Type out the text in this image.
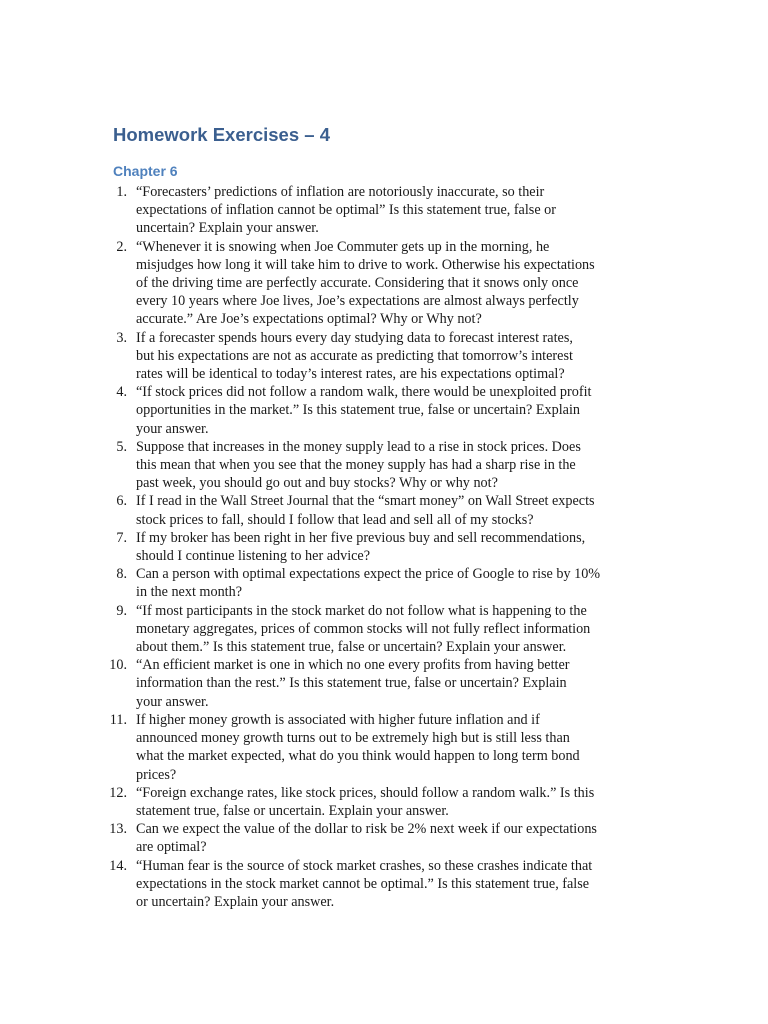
Homework Exercises – 4
Chapter 6
1. “Forecasters’ predictions of inflation are notoriously inaccurate, so their
expectations of inflation cannot be optimal” Is this statement true, false or
uncertain? Explain your answer.
2. “Whenever it is snowing when Joe Commuter gets up in the morning, he
misjudges how long it will take him to drive to work. Otherwise his expectations
of the driving time are perfectly accurate. Considering that it snows only once
every 10 years where Joe lives, Joe’s expectations are almost always perfectly
accurate.” Are Joe’s expectations optimal? Why or Why not?
3. If a forecaster spends hours every day studying data to forecast interest rates,
but his expectations are not as accurate as predicting that tomorrow’s interest
rates will be identical to today’s interest rates, are his expectations optimal?
4. “If stock prices did not follow a random walk, there would be unexploited profit
opportunities in the market.” Is this statement true, false or uncertain? Explain
your answer.
5. Suppose that increases in the money supply lead to a rise in stock prices. Does
this mean that when you see that the money supply has had a sharp rise in the
past week, you should go out and buy stocks? Why or why not?
6. If I read in the Wall Street Journal that the “smart money” on Wall Street expects
stock prices to fall, should I follow that lead and sell all of my stocks?
7. If my broker has been right in her five previous buy and sell recommendations,
should I continue listening to her advice?
8. Can a person with optimal expectations expect the price of Google to rise by 10%
in the next month?
9. “If most participants in the stock market do not follow what is happening to the
monetary aggregates, prices of common stocks will not fully reflect information
about them.” Is this statement true, false or uncertain? Explain your answer.
10. “An efficient market is one in which no one every profits from having better
information than the rest.” Is this statement true, false or uncertain? Explain
your answer.
11. If higher money growth is associated with higher future inflation and if
announced money growth turns out to be extremely high but is still less than
what the market expected, what do you think would happen to long term bond
prices?
12. “Foreign exchange rates, like stock prices, should follow a random walk.” Is this
statement true, false or uncertain. Explain your answer.
13. Can we expect the value of the dollar to risk be 2% next week if our expectations
are optimal?
14. “Human fear is the source of stock market crashes, so these crashes indicate that
expectations in the stock market cannot be optimal.” Is this statement true, false
or uncertain? Explain your answer.
